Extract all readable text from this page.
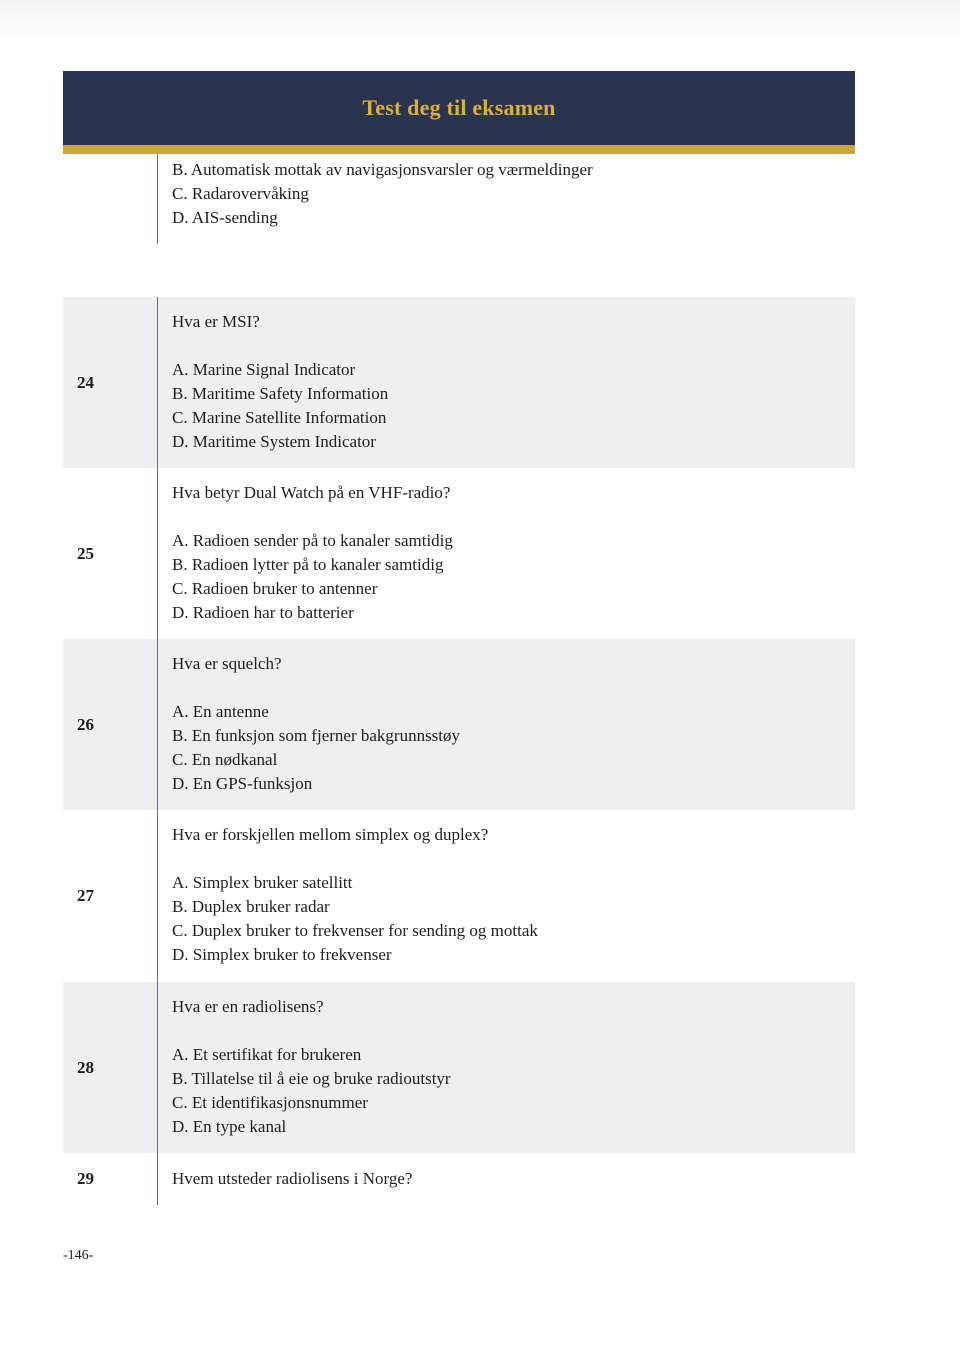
Test deg til eksamen
B. Automatisk mottak av navigasjonsvarsler og værmeldinger
C. Radarovervåking
D. AIS-sending
24
Hva er MSI?
A. Marine Signal Indicator
B. Maritime Safety Information
C. Marine Satellite Information
D. Maritime System Indicator
25
Hva betyr Dual Watch på en VHF-radio?
A. Radioen sender på to kanaler samtidig
B. Radioen lytter på to kanaler samtidig
C. Radioen bruker to antenner
D. Radioen har to batterier
26
Hva er squelch?
A. En antenne
B. En funksjon som fjerner bakgrunnsstøy
C. En nødkanal
D. En GPS-funksjon
27
Hva er forskjellen mellom simplex og duplex?
A. Simplex bruker satellitt
B. Duplex bruker radar
C. Duplex bruker to frekvenser for sending og mottak
D. Simplex bruker to frekvenser
28
Hva er en radiolisens?
A. Et sertifikat for brukeren
B. Tillatelse til å eie og bruke radioutstyr
C. Et identifikasjonsnummer
D. En type kanal
29	Hvem utsteder radiolisens i Norge?
-146-
